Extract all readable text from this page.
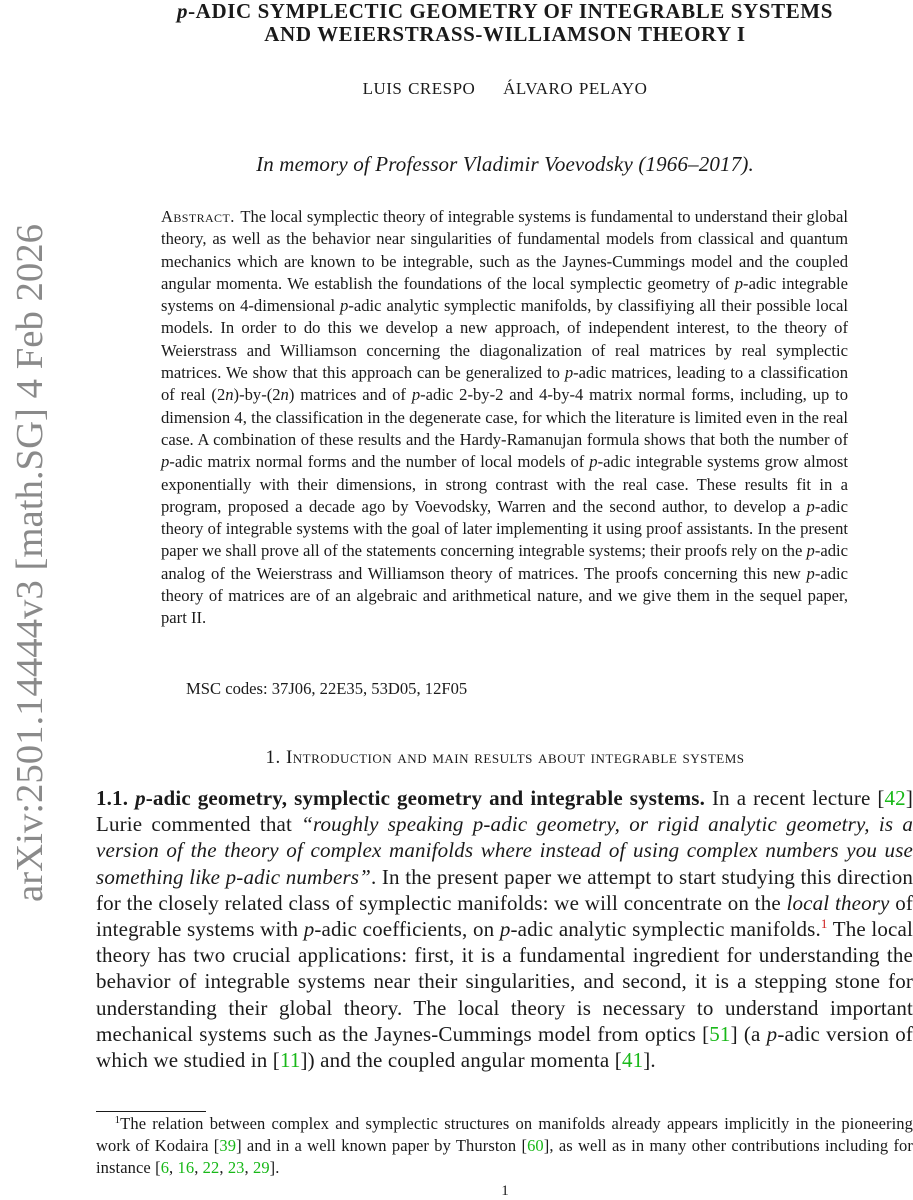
arXiv:2501.14444v3 [math.SG] 4 Feb 2026
p-ADIC SYMPLECTIC GEOMETRY OF INTEGRABLE SYSTEMS
AND WEIERSTRASS-WILLIAMSON THEORY I
LUIS CRESPO ÁLVARO PELAYO
In memory of Professor Vladimir Voevodsky (1966–2017).
Abstract. The local symplectic theory of integrable systems is fundamental to understand their global theory, as well as the behavior near singularities of fundamental models from classical and quantum mechanics which are known to be integrable, such as the Jaynes-Cummings model and the coupled angular momenta. We establish the foundations of the local symplectic geometry of p-adic integrable systems on 4-dimensional p-adic analytic symplectic manifolds, by classifiying all their possible local models. In order to do this we develop a new approach, of independent interest, to the theory of Weierstrass and Williamson concerning the diagonalization of real matrices by real symplectic matrices. We show that this approach can be generalized to p-adic matrices, leading to a classification of real (2n)-by-(2n) matrices and of p-adic 2-by-2 and 4-by-4 matrix normal forms, including, up to dimension 4, the classification in the degenerate case, for which the literature is limited even in the real case. A combination of these results and the Hardy-Ramanujan formula shows that both the number of p-adic matrix normal forms and the number of local models of p-adic integrable systems grow almost exponentially with their dimensions, in strong contrast with the real case. These results fit in a program, proposed a decade ago by Voevodsky, Warren and the second author, to develop a p-adic theory of integrable systems with the goal of later implementing it using proof assistants. In the present paper we shall prove all of the statements concerning integrable systems; their proofs rely on the p-adic analog of the Weierstrass and Williamson theory of matrices. The proofs concerning this new p-adic theory of matrices are of an algebraic and arithmetical nature, and we give them in the sequel paper, part II.
MSC codes: 37J06, 22E35, 53D05, 12F05
1. Introduction and main results about integrable systems
1.1. p-adic geometry, symplectic geometry and integrable systems. In a recent lecture [42] Lurie commented that “roughly speaking p-adic geometry, or rigid analytic geometry, is a version of the theory of complex manifolds where instead of using complex numbers you use something like p-adic numbers”. In the present paper we attempt to start studying this direction for the closely related class of symplectic manifolds: we will concentrate on the local theory of integrable systems with p-adic coefficients, on p-adic analytic symplectic manifolds.$^1$ The local theory has two crucial applications: first, it is a fundamental ingredient for understanding the behavior of integrable systems near their singularities, and second, it is a stepping stone for understanding their global theory. The local theory is necessary to understand important mechanical systems such as the Jaynes-Cummings model from optics [51] (a p-adic version of which we studied in [11]) and the coupled angular momenta [41].
$^1$The relation between complex and symplectic structures on manifolds already appears implicitly in the pioneering work of Kodaira [39] and in a well known paper by Thurston [60], as well as in many other contributions including for instance [6, 16, 22, 23, 29].
1
